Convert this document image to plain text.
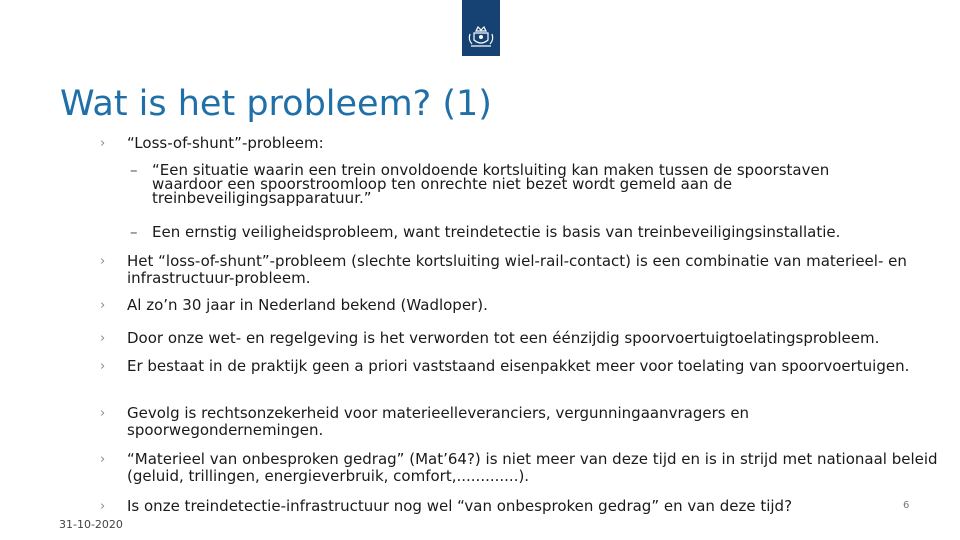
Wat is het probleem? (1)
› “Loss-of-shunt”-probleem:
– “Een situatie waarin een trein onvoldoende kortsluiting kan maken tussen de spoorstaven waardoor een spoorstroomloop ten onrechte niet bezet wordt gemeld aan de treinbeveiligingsapparatuur.”
– Een ernstig veiligheidsprobleem, want treindetectie is basis van treinbeveiligingsinstallatie.
› Het “loss-of-shunt”-probleem (slechte kortsluiting wiel-rail-contact) is een combinatie van materieel- en infrastructuur-probleem.
› Al zo’n 30 jaar in Nederland bekend (Wadloper).
› Door onze wet- en regelgeving is het verworden tot een éénzijdig spoorvoertuigtoelatingsprobleem.
› Er bestaat in de praktijk geen a priori vaststaand eisenpakket meer voor toelating van spoorvoertuigen.
› Gevolg is rechtsonzekerheid voor materieelleveranciers, vergunningaanvragers en spoorwegondernemingen.
› “Materieel van onbesproken gedrag” (Mat’64?) is niet meer van deze tijd en is in strijd met nationaal beleid (geluid, trillingen, energieverbruik, comfort,.............).
› Is onze treindetectie-infrastructuur nog wel “van onbesproken gedrag” en van deze tijd?
31-10-2020
6
